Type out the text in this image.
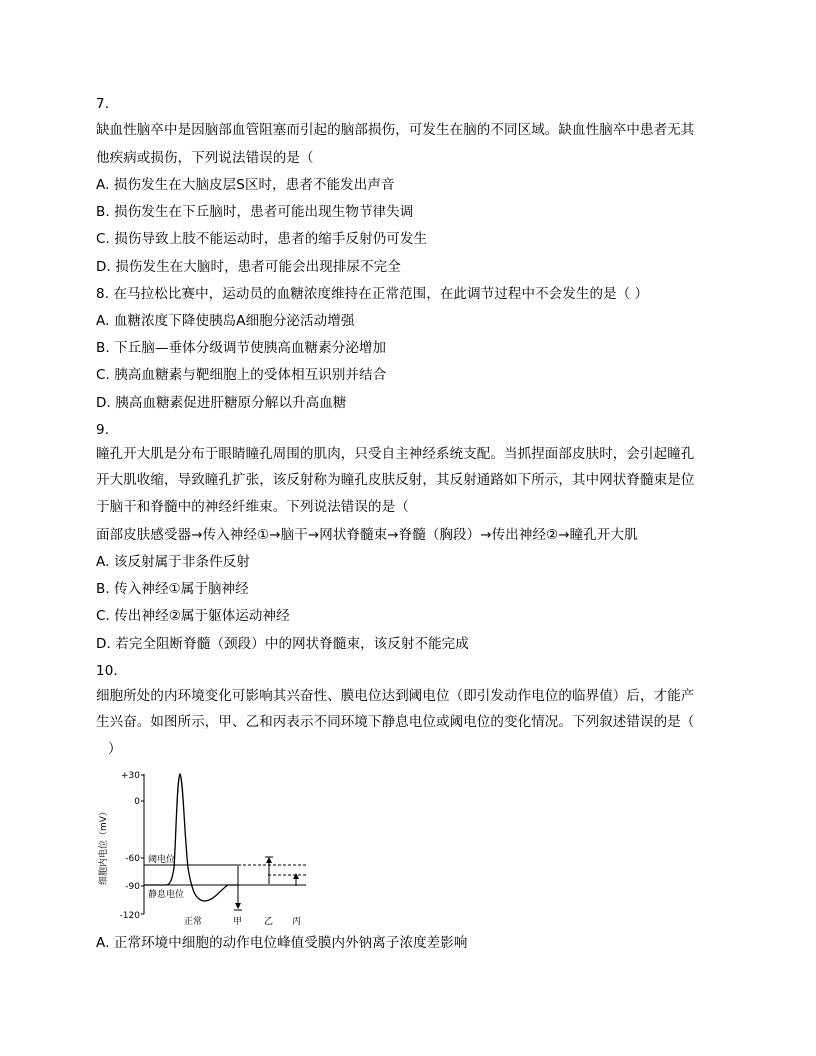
7.
缺血性脑卒中是因脑部血管阻塞而引起的脑部损伤，可发生在脑的不同区域。缺血性脑卒中患者无其
他疾病或损伤，下列说法错误的是（
A. 损伤发生在大脑皮层S区时，患者不能发出声音
B. 损伤发生在下丘脑时，患者可能出现生物节律失调
C. 损伤导致上肢不能运动时，患者的缩手反射仍可发生
D. 损伤发生在大脑时，患者可能会出现排尿不完全
8. 在马拉松比赛中，运动员的血糖浓度维持在正常范围，在此调节过程中不会发生的是（ ）
A. 血糖浓度下降使胰岛A细胞分泌活动增强
B. 下丘脑—垂体分级调节使胰高血糖素分泌增加
C. 胰高血糖素与靶细胞上的受体相互识别并结合
D. 胰高血糖素促进肝糖原分解以升高血糖
9.
瞳孔开大肌是分布于眼睛瞳孔周围的肌肉，只受自主神经系统支配。当抓捏面部皮肤时，会引起瞳孔
开大肌收缩，导致瞳孔扩张，该反射称为瞳孔皮肤反射，其反射通路如下所示，其中网状脊髓束是位
于脑干和脊髓中的神经纤维束。下列说法错误的是（
面部皮肤感受器→传入神经①→脑干→网状脊髓束→脊髓（胸段）→传出神经②→瞳孔开大肌
A. 该反射属于非条件反射
B. 传入神经①属于脑神经
C. 传出神经②属于躯体运动神经
D. 若完全阻断脊髓（颈段）中的网状脊髓束，该反射不能完成
10.
细胞所处的内环境变化可影响其兴奋性、膜电位达到阈电位（即引发动作电位的临界值）后，才能产
生兴奋。如图所示，甲、乙和丙表示不同环境下静息电位或阈电位的变化情况。下列叙述错误的是（
）
细胞内电位（mV）
+30
0
-60
-90
-120
阈电位
静息电位
正常	甲 乙 丙
A. 正常环境中细胞的动作电位峰值受膜内外钠离子浓度差影响
